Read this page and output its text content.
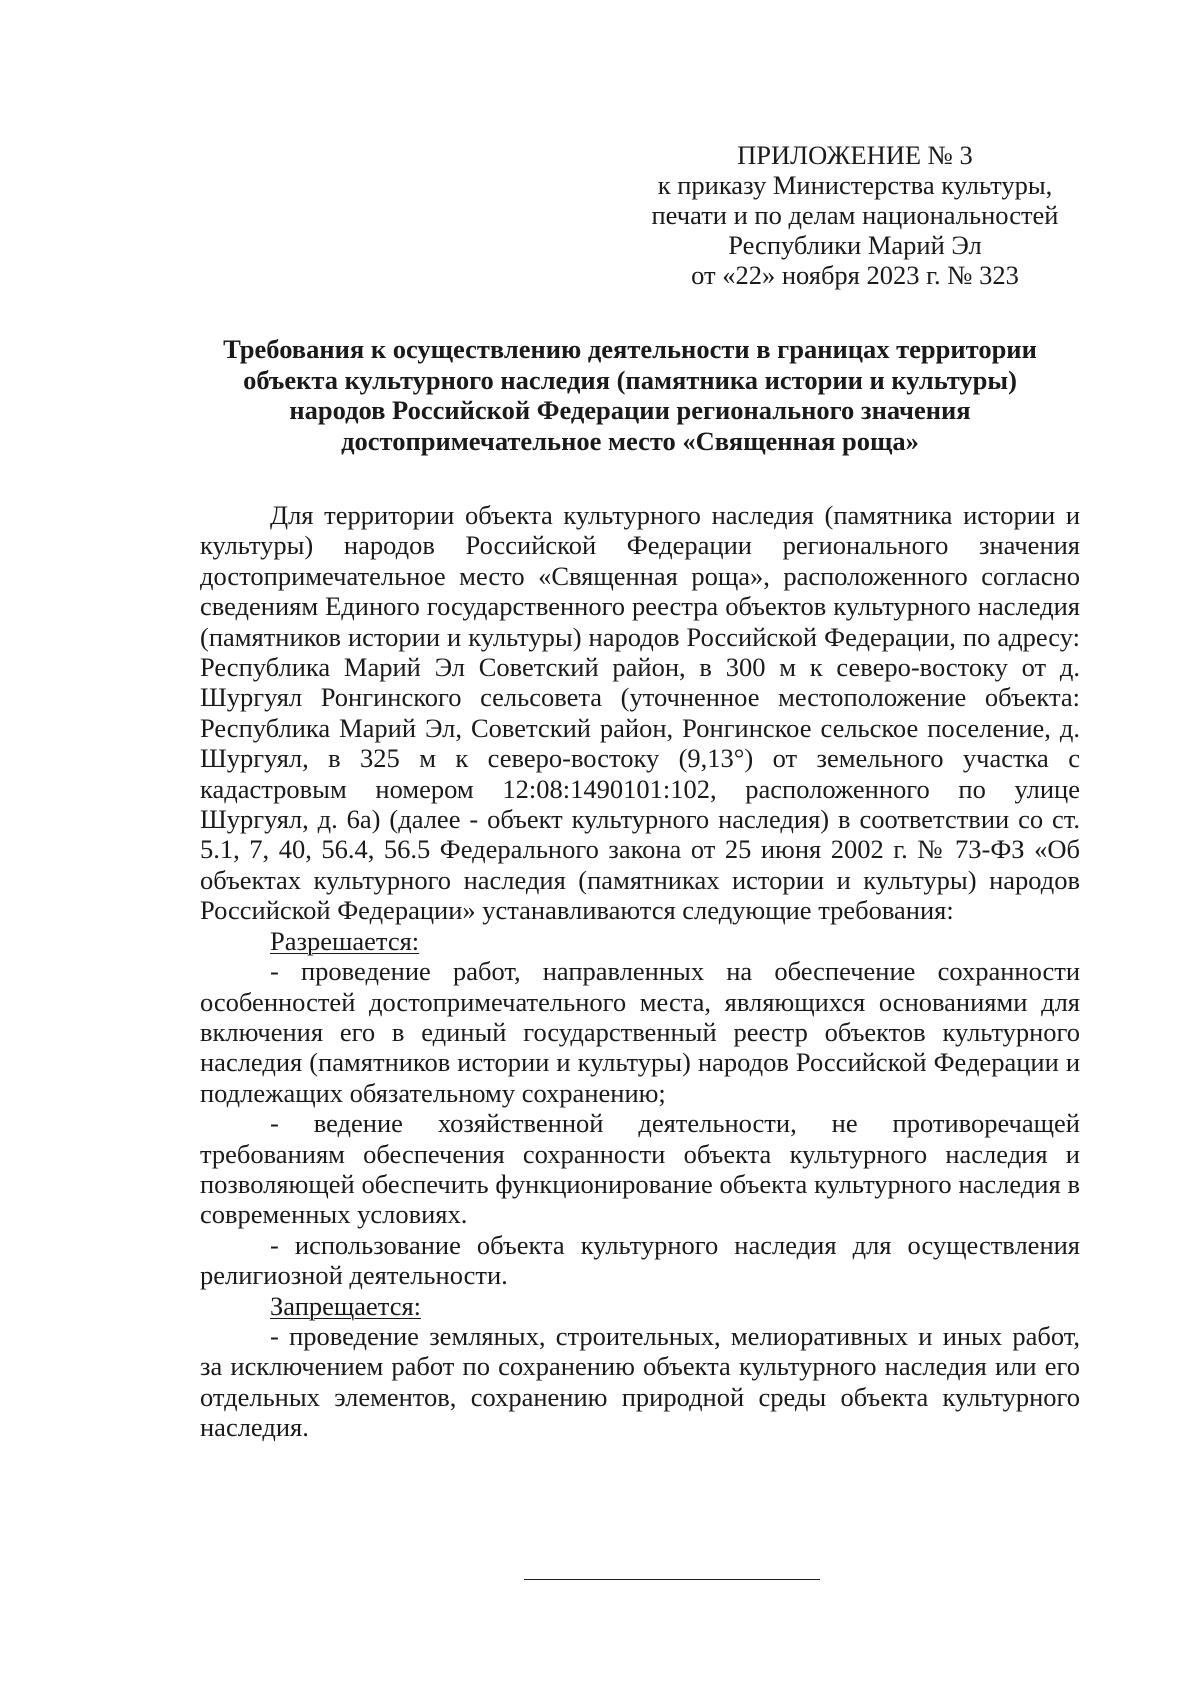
ПРИЛОЖЕНИЕ № 3
к приказу Министерства культуры,
печати и по делам национальностей
Республики Марий Эл
от «22» ноября 2023 г. № 323
Требования к осуществлению деятельности в границах территории
объекта культурного наследия (памятника истории и культуры)
народов Российской Федерации регионального значения
достопримечательное место «Священная роща»

Для территории объекта культурного наследия (памятника истории и культуры) народов Российской Федерации регионального значения достопримечательное место «Священная роща», расположенного согласно сведениям Единого государственного реестра объектов культурного наследия (памятников истории и культуры) народов Российской Федерации, по адресу: Республика Марий Эл Советский район, в 300 м к северо-востоку от д. Шургуял Ронгинского сельсовета (уточненное местоположение объекта: Республика Марий Эл, Советский район, Ронгинское сельское поселение, д. Шургуял, в 325 м к северо-востоку (9,13°) от земельного участка с кадастровым номером 12:08:1490101:102, расположенного по улице Шургуял, д. 6а) (далее - объект культурного наследия) в соответствии со ст. 5.1, 7, 40, 56.4, 56.5 Федерального закона от 25 июня 2002 г. № 73-ФЗ «Об объектах культурного наследия (памятниках истории и культуры) народов Российской Федерации» устанавливаются следующие требования:

Разрешается:

- проведение работ, направленных на обеспечение сохранности особенностей достопримечательного места, являющихся основаниями для включения его в единый государственный реестр объектов культурного наследия (памятников истории и культуры) народов Российской Федерации и подлежащих обязательному сохранению;

- ведение хозяйственной деятельности, не противоречащей требованиям обеспечения сохранности объекта культурного наследия и позволяющей обеспечить функционирование объекта культурного наследия в современных условиях.

- использование объекта культурного наследия для осуществления религиозной деятельности.

Запрещается:

- проведение земляных, строительных, мелиоративных и иных работ, за исключением работ по сохранению объекта культурного наследия или его отдельных элементов, сохранению природной среды объекта культурного наследия.
